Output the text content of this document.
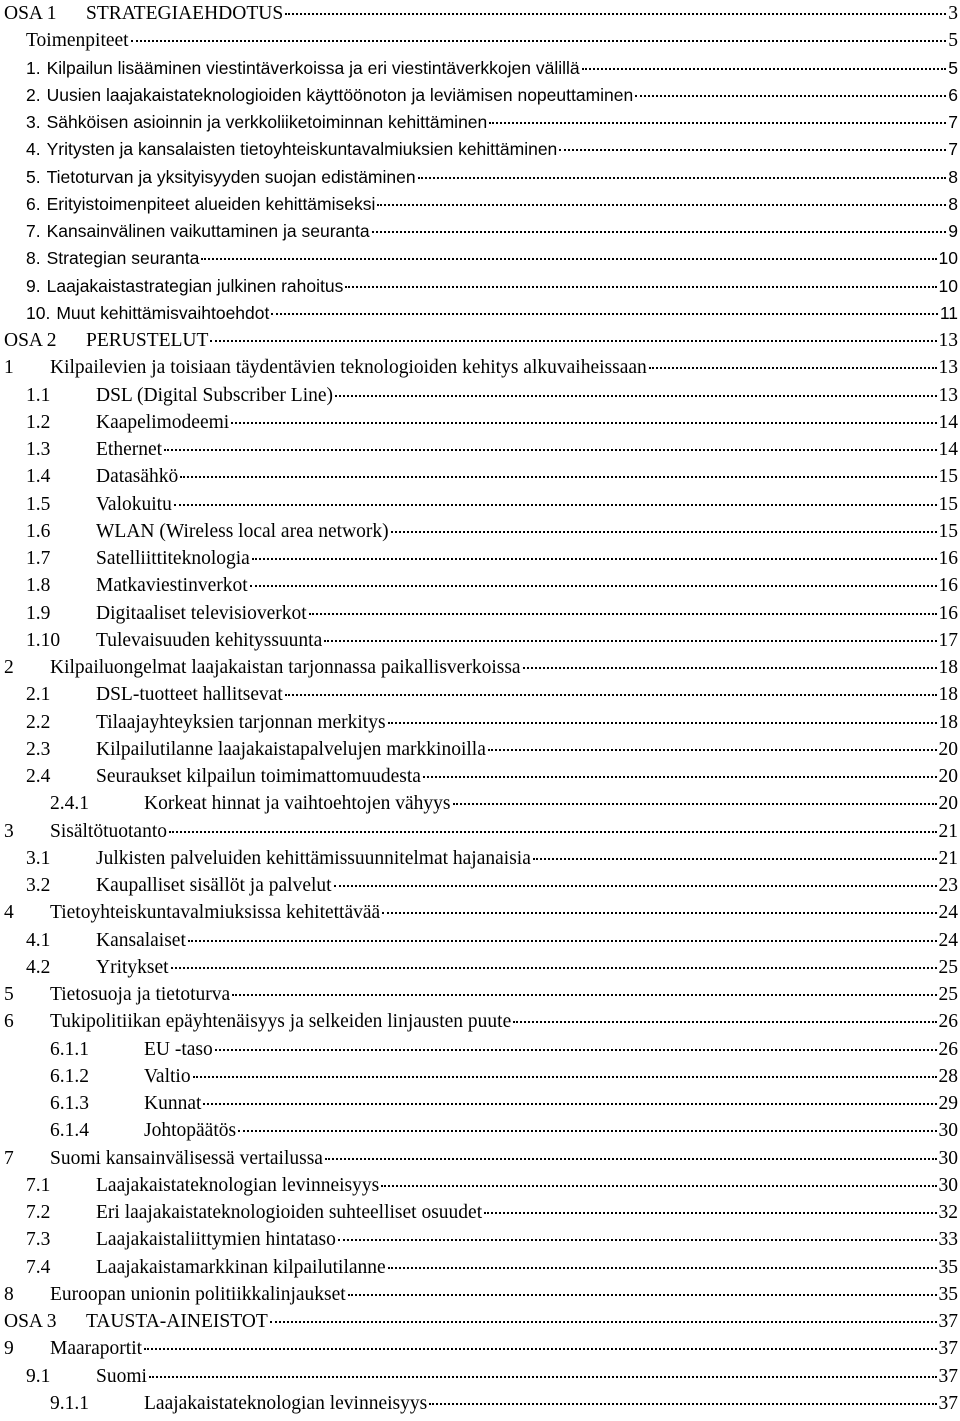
OSA 1	STRATEGIAEHDOTUS	3
Toimenpiteet	5
1. Kilpailun lisääminen viestintäverkoissa ja eri viestintäverkkojen välillä	5
2. Uusien laajakaistateknologioiden käyttöönoton ja leviämisen nopeuttaminen	6
3. Sähköisen asioinnin ja verkkoliiketoiminnan kehittäminen	7
4. Yritysten ja kansalaisten tietoyhteiskuntavalmiuksien kehittäminen	7
5. Tietoturvan ja yksityisyyden suojan edistäminen	8
6. Erityistoimenpiteet alueiden kehittämiseksi	8
7. Kansainvälinen vaikuttaminen ja seuranta	9
8. Strategian seuranta	10
9. Laajakaistastrategian julkinen rahoitus	10
10. Muut kehittämisvaihtoehdot	11
OSA 2	PERUSTELUT	13
1	Kilpailevien ja toisiaan täydentävien teknologioiden kehitys alkuvaiheissaan	13
1.1	DSL (Digital Subscriber Line)	13
1.2	Kaapelimodeemi	14
1.3	Ethernet	14
1.4	Datasähkö	15
1.5	Valokuitu	15
1.6	WLAN (Wireless local area network)	15
1.7	Satelliittiteknologia	16
1.8	Matkaviestinverkot	16
1.9	Digitaaliset televisioverkot	16
1.10	Tulevaisuuden kehityssuunta	17
2	Kilpailuongelmat laajakaistan tarjonnassa paikallisverkoissa	18
2.1	DSL-tuotteet hallitsevat	18
2.2	Tilaajayhteyksien tarjonnan merkitys	18
2.3	Kilpailutilanne laajakaistapalvelujen markkinoilla	20
2.4	Seuraukset kilpailun toimimattomuudesta	20
2.4.1	Korkeat hinnat ja vaihtoehtojen vähyys	20
3	Sisältötuotanto	21
3.1	Julkisten palveluiden kehittämissuunnitelmat hajanaisia	21
3.2	Kaupalliset sisällöt ja palvelut	23
4	Tietoyhteiskuntavalmiuksissa kehitettävää	24
4.1	Kansalaiset	24
4.2	Yritykset	25
5	Tietosuoja ja tietoturva	25
6	Tukipolitiikan epäyhtenäisyys ja selkeiden linjausten puute	26
6.1.1	EU -taso	26
6.1.2	Valtio	28
6.1.3	Kunnat	29
6.1.4	Johtopäätös	30
7	Suomi kansainvälisessä vertailussa	30
7.1	Laajakaistateknologian levinneisyys	30
7.2	Eri laajakaistateknologioiden suhteelliset osuudet	32
7.3	Laajakaistaliittymien hintataso	33
7.4	Laajakaistamarkkinan kilpailutilanne	35
8	Euroopan unionin politiikkalinjaukset	35
OSA 3	TAUSTA-AINEISTOT	37
9	Maaraportit	37
9.1	Suomi	37
9.1.1	Laajakaistateknologian levinneisyys	37
